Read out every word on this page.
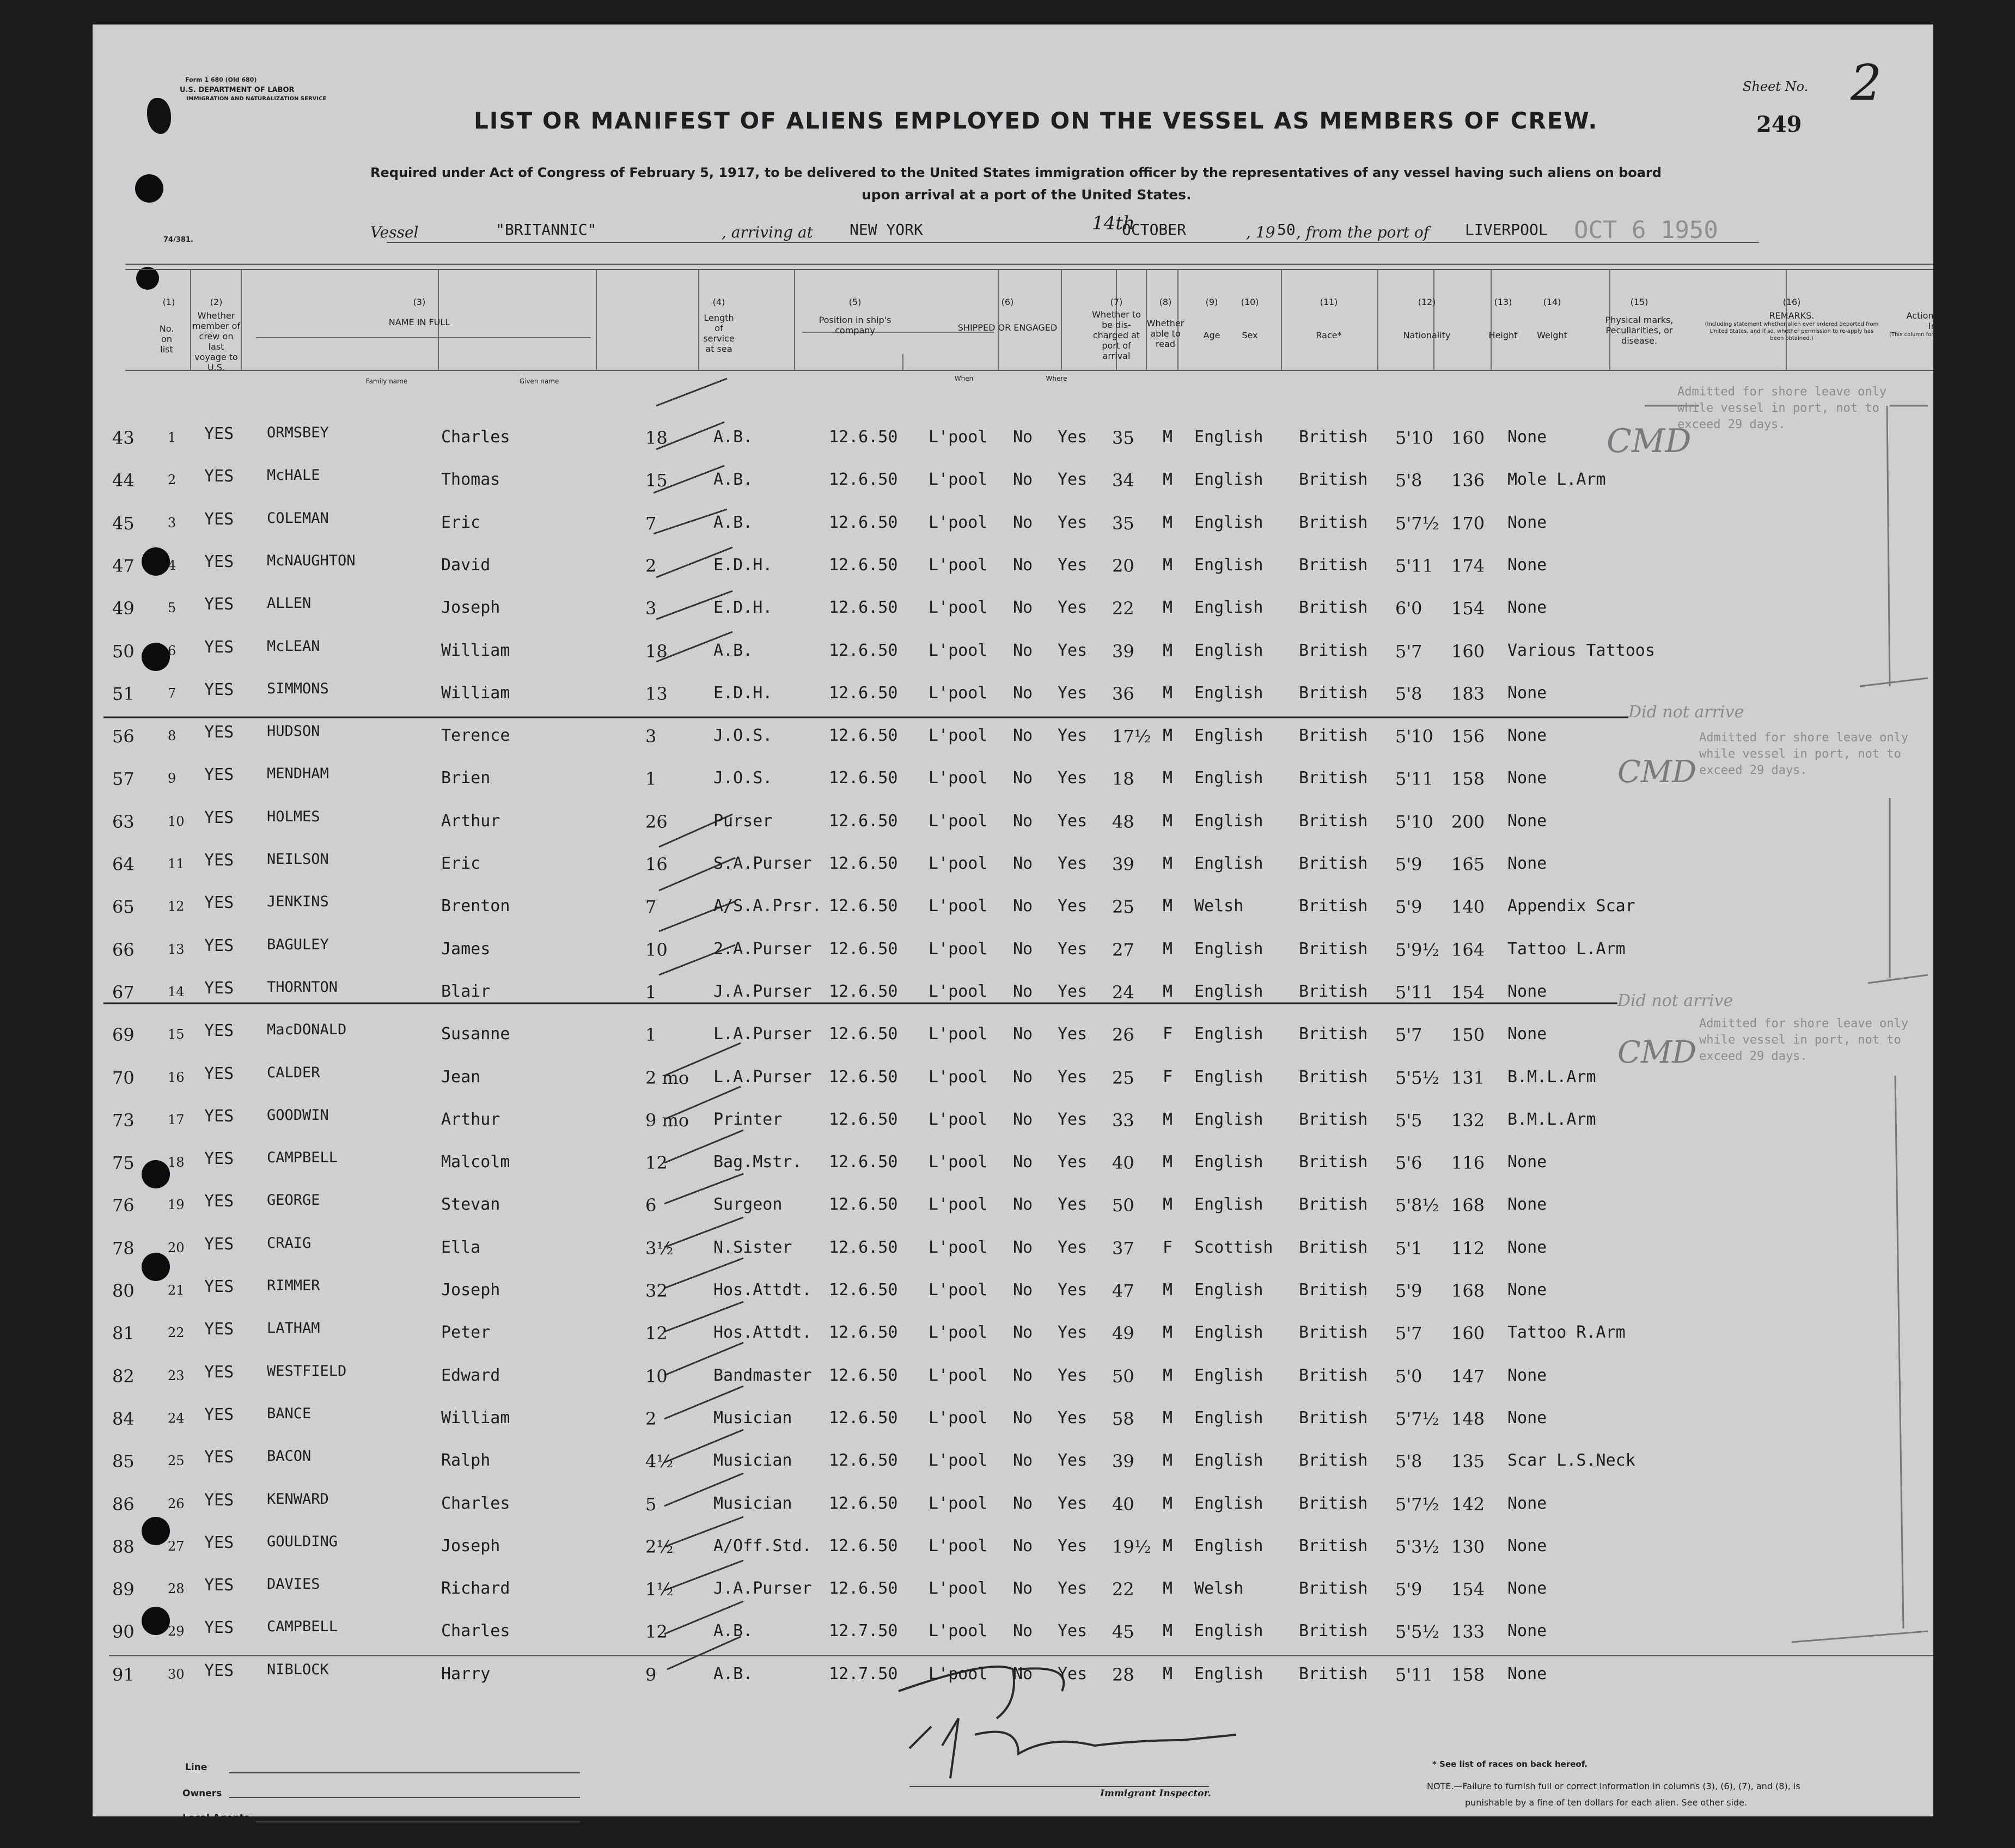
Form 1 680 (Old 680)
U.S. DEPARTMENT OF LABOR
IMMIGRATION AND NATURALIZATION SERVICE
74/381.
LIST OR MANIFEST OF ALIENS EMPLOYED ON THE VESSEL AS MEMBERS OF CREW.
Required under Act of Congress of February 5, 1917, to be delivered to the United States immigration officer by the representatives of any vessel having such aliens on board
upon arrival at a port of the United States.
Sheet No. 2
249
Vessel	"BRITANNIC"	, arriving at NEW YORK	14th
OCTOBER	, 19 50 , from the port of LIVERPOOL OCT 6 1950
(1)
No. on list
(2)
Whether member of crew on last voyage to U.S.
(3)
NAME IN FULL
Family name	Given name
(4)
Length of service at sea
(5)
Position in ship's company
(6)
SHIPPED OR ENGAGED
When	Where
(7)
Whether to be dis-charged at port of arrival
(8)
Whether able to read
(9)
Age
(10)
Sex
(11)
Race*
(12)
Nationality
(13)
Height
(14)
Weight
(15)
Physical marks, Peculiarities, or disease.
(16)
REMARKS.
(Including statement whether alien ever ordered deported from United States, and if so, whether permission to re-apply has been obtained.)
(17)
Action of Immigrant Inspector.
(This column for use of Government officials only)
43	1 YES ORMSBEY	Charles	18	A.B.	12.6.50 L'pool No Yes 35 M English British 5'10 160 None
44	2 YES McHALE	Thomas	15	A.B.	12.6.50 L'pool No Yes 34 M English British 5'8 136 Mole L.Arm
45	3 YES COLEMAN	Eric	7	A.B.	12.6.50 L'pool No Yes 35 M English British 5'7½ 170 None
47	4 YES McNAUGHTON	David	2	E.D.H.	12.6.50 L'pool No Yes 20 M English British 5'11 174 None
49	5 YES ALLEN	Joseph	3	E.D.H.	12.6.50 L'pool No Yes 22 M English British 6'0 154 None
50	6 YES McLEAN	William	18	A.B.	12.6.50 L'pool No Yes 39 M English British 5'7 160 Various Tattoos
51	7 YES SIMMONS	William	13	E.D.H.	12.6.50 L'pool No Yes 36 M English British 5'8 183 None
56	8 YES HUDSON	Terence	3	J.O.S.	12.6.50 L'pool No Yes 17½ M English British 5'10 156 None
57	9 YES MENDHAM	Brien	1	J.O.S.	12.6.50 L'pool No Yes 18 M English British 5'11 158 None
63	10 YES HOLMES	Arthur	26	Purser	12.6.50 L'pool No Yes 48 M English British 5'10 200 None
64	11 YES NEILSON	Eric	16	S.A.Purser 12.6.50 L'pool No Yes 39 M English British 5'9 165 None
65	12 YES JENKINS	Brenton	7	A/S.A.Prsr. 12.6.50 L'pool No Yes 25 M Welsh	British 5'9 140 Appendix Scar
66	13 YES BAGULEY	James	10	2.A.Purser 12.6.50 L'pool No Yes 27 M English British 5'9½ 164 Tattoo L.Arm
67	14 YES THORNTON	Blair	1	J.A.Purser 12.6.50 L'pool No Yes 24 M English British 5'11 154 None
69	15 YES MacDONALD	Susanne	1	L.A.Purser 12.6.50 L'pool No Yes 26 F English British 5'7 150 None
70	16 YES CALDER	Jean	2 mo L.A.Purser 12.6.50 L'pool No Yes 25 F English British 5'5½ 131 B.M.L.Arm
73	17 YES GOODWIN	Arthur	9 mo Printer	12.6.50 L'pool No Yes 33 M English British 5'5 132 B.M.L.Arm
75	18 YES CAMPBELL	Malcolm	12	Bag.Mstr. 12.6.50 L'pool No Yes 40 M English British 5'6 116 None
76	19 YES GEORGE	Stevan	6	Surgeon	12.6.50 L'pool No Yes 50 M English British 5'8½ 168 None
78	20 YES CRAIG	Ella	3½ N.Sister 12.6.50 L'pool No Yes 37 F Scottish British 5'1 112 None
80	21 YES RIMMER	Joseph	32	Hos.Attdt. 12.6.50 L'pool No Yes 47 M English British 5'9 168 None
81	22 YES LATHAM	Peter	12	Hos.Attdt. 12.6.50 L'pool No Yes 49 M English British 5'7 160 Tattoo R.Arm
82	23 YES WESTFIELD	Edward	10	Bandmaster 12.6.50 L'pool No Yes 50 M English British 5'0 147 None
84	24 YES BANCE	William	2	Musician 12.6.50 L'pool No Yes 58 M English British 5'7½ 148 None
85	25 YES BACON	Ralph	4½ Musician 12.6.50 L'pool No Yes 39 M English British 5'8 135 Scar L.S.Neck
86	26 YES KENWARD	Charles	5	Musician 12.6.50 L'pool No Yes 40 M English British 5'7½ 142 None
88	27 YES GOULDING	Joseph	2½ A/Off.Std. 12.6.50 L'pool No Yes 19½ M English British 5'3½ 130 None
89	28 YES DAVIES	Richard	1½ J.A.Purser 12.6.50 L'pool No Yes 22 M Welsh	British 5'9 154 None
90	29 YES CAMPBELL	Charles	12	A.B.	12.7.50 L'pool No Yes 45 M English British 5'5½ 133 None
91	30 YES NIBLOCK	Harry	9	A.B.	12.7.50 L'pool No Yes 28 M English British 5'11 158 None
CMD
Admitted for shore leave only while vessel in port, not to exceed 29 days.
Did not arrive
CMD
Admitted for shore leave only while vessel in port, not to exceed 29 days.
Did not arrive
CMD
Admitted for shore leave only while vessel in port, not to exceed 29 days.
Line
Owners
Local Agents
Immigrant Inspector.
* See list of races on back hereof.
NOTE.—Failure to furnish full or correct information in columns (3), (6), (7), and (8), is
punishable by a fine of ten dollars for each alien. See other side.
